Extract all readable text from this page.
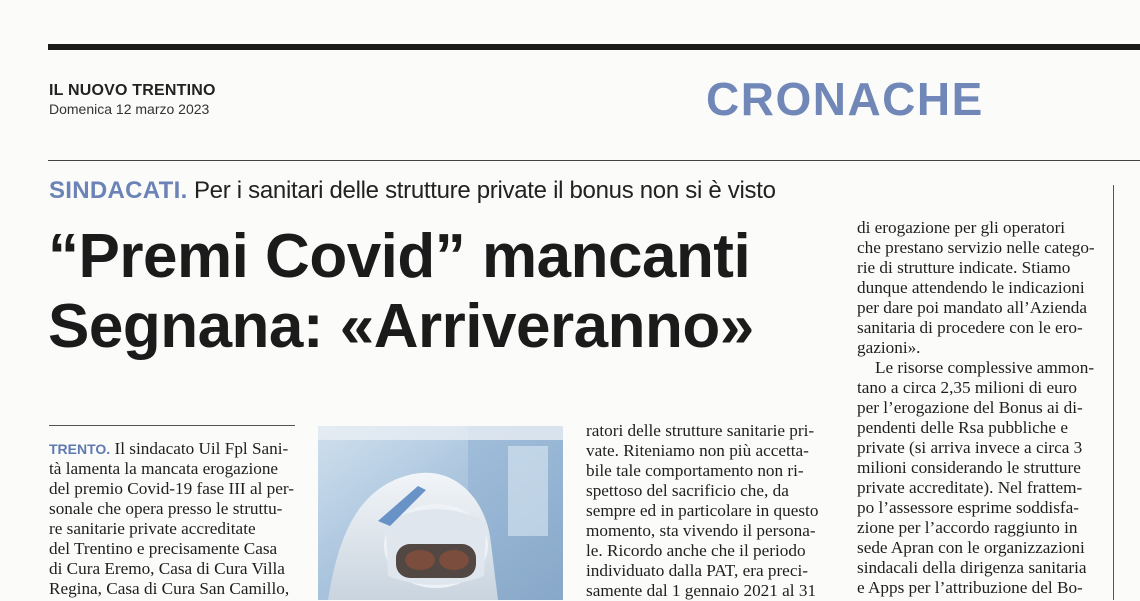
IL NUOVO TRENTINO
Domenica 12 marzo 2023	CRONACHE
SINDACATI. Per i sanitari delle strutture private il bonus non si è visto
“Premi Covid” mancanti
Segnana: «Arriveranno»
TRENTO. Il sindacato Uil Fpl Sani-
tà lamenta la mancata erogazione
del premio Covid-19 fase III al per-
sonale che opera presso le struttu-
re sanitarie private accreditate
del Trentino e precisamente Casa
di Cura Eremo, Casa di Cura Villa
Regina, Casa di Cura San Camillo,
ratori delle strutture sanitarie pri-
vate. Riteniamo non più accetta-
bile tale comportamento non ri-
spettoso del sacrificio che, da
sempre ed in particolare in questo
momento, sta vivendo il persona-
le. Ricordo anche che il periodo
individuato dalla PAT, era preci-
samente dal 1 gennaio 2021 al 31
di erogazione per gli operatori
che prestano servizio nelle catego-
rie di strutture indicate. Stiamo
dunque attendendo le indicazioni
per dare poi mandato all’Azienda
sanitaria di procedere con le ero-
gazioni».
Le risorse complessive ammon-
tano a circa 2,35 milioni di euro
per l’erogazione del Bonus ai di-
pendenti delle Rsa pubbliche e
private (si arriva invece a circa 3
milioni considerando le strutture
private accreditate). Nel frattem-
po l’assessore esprime soddisfa-
zione per l’accordo raggiunto in
sede Apran con le organizzazioni
sindacali della dirigenza sanitaria
e Apps per l’attribuzione del Bo-
